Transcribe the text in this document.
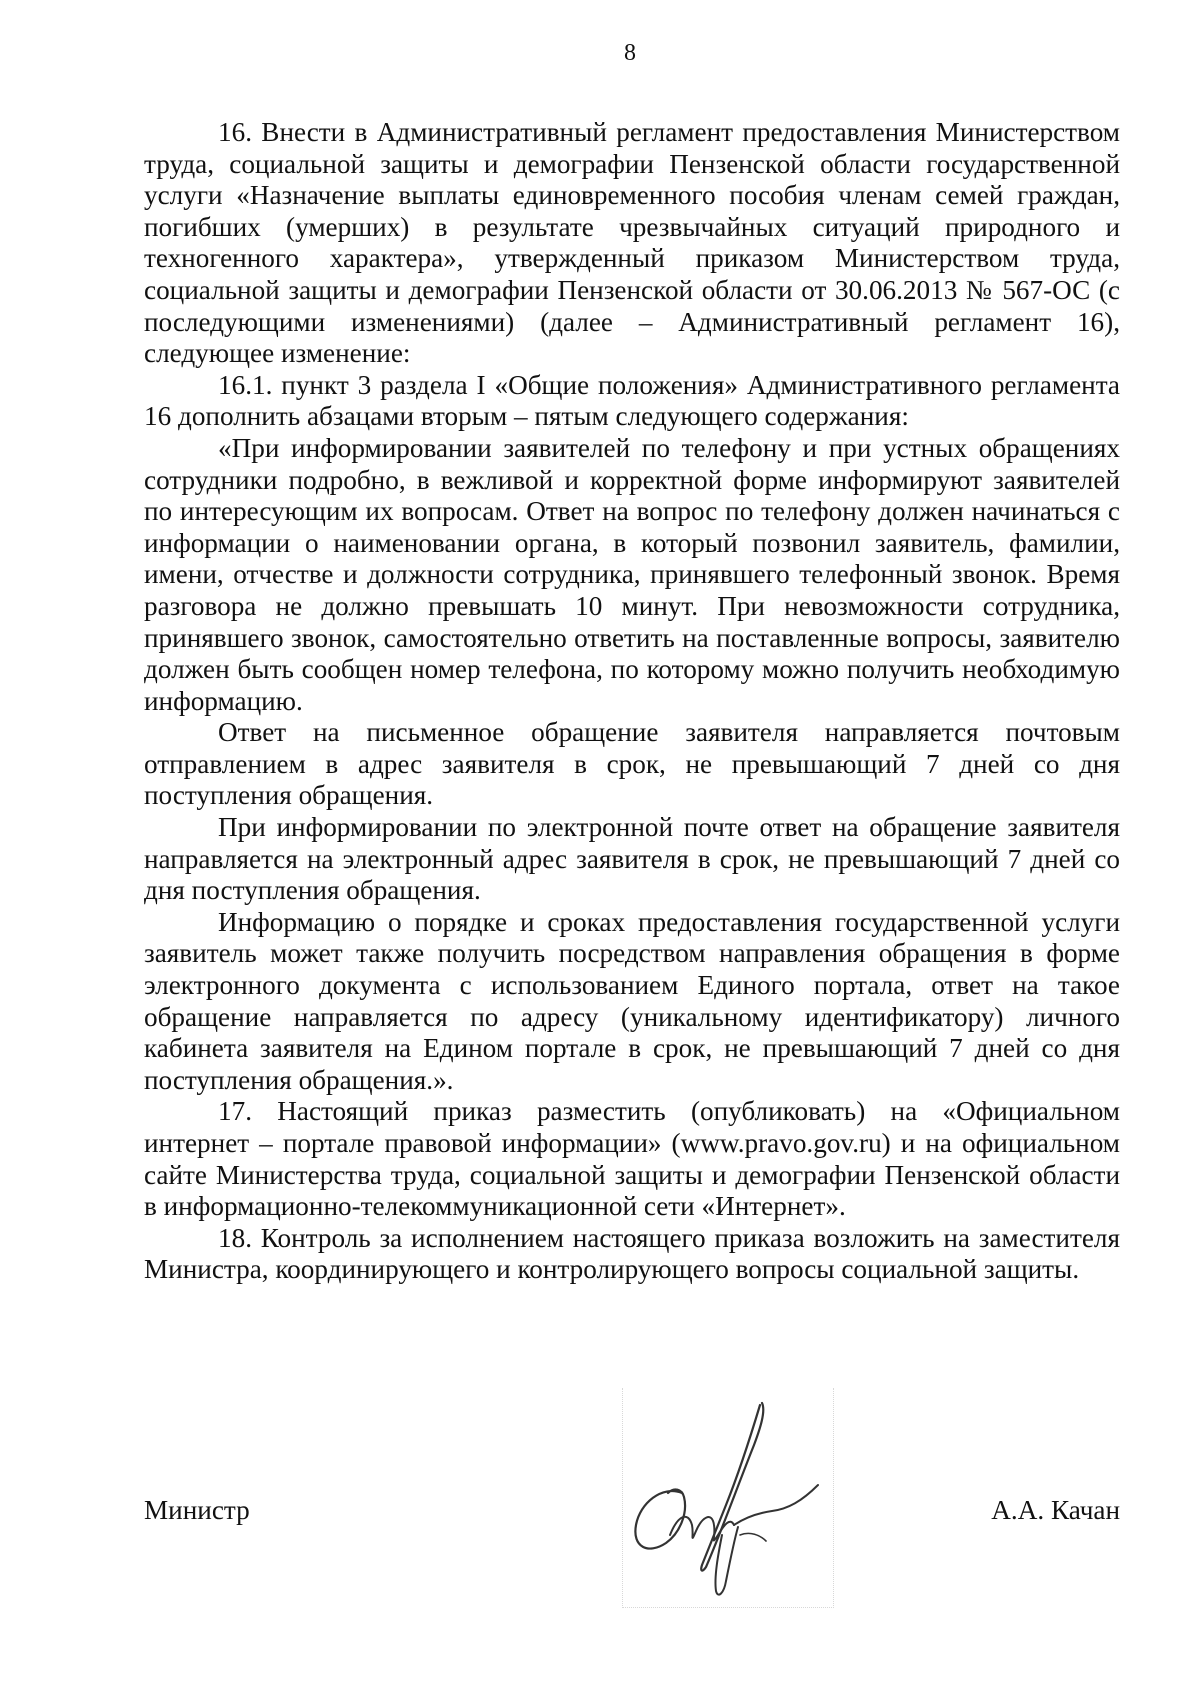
8

16. Внести в Административный регламент предоставления Министерством труда, социальной защиты и демографии Пензенской области государственной услуги «Назначение выплаты единовременного пособия членам семей граждан, погибших (умерших) в результате чрезвычайных ситуаций природного и техногенного характера», утвержденный приказом Министерством труда, социальной защиты и демографии Пензенской области от 30.06.2013 № 567-ОС (с последующими изменениями) (далее – Административный регламент 16), следующее изменение:

16.1. пункт 3 раздела I «Общие положения» Административного регламента 16 дополнить абзацами вторым – пятым следующего содержания:

«При информировании заявителей по телефону и при устных обращениях сотрудники подробно, в вежливой и корректной форме информируют заявителей по интересующим их вопросам. Ответ на вопрос по телефону должен начинаться с информации о наименовании органа, в который позвонил заявитель, фамилии, имени, отчестве и должности сотрудника, принявшего телефонный звонок. Время разговора не должно превышать 10 минут. При невозможности сотрудника, принявшего звонок, самостоятельно ответить на поставленные вопросы, заявителю должен быть сообщен номер телефона, по которому можно получить необходимую информацию.

Ответ на письменное обращение заявителя направляется почтовым отправлением в адрес заявителя в срок, не превышающий 7 дней со дня поступления обращения.

При информировании по электронной почте ответ на обращение заявителя направляется на электронный адрес заявителя в срок, не превышающий 7 дней со дня поступления обращения.

Информацию о порядке и сроках предоставления государственной услуги заявитель может также получить посредством направления обращения в форме электронного документа с использованием Единого портала, ответ на такое обращение направляется по адресу (уникальному идентификатору) личного кабинета заявителя на Едином портале в срок, не превышающий 7 дней со дня поступления обращения.».

17. Настоящий приказ разместить (опубликовать) на «Официальном интернет – портале правовой информации» (www.pravo.gov.ru) и на официальном сайте Министерства труда, социальной защиты и демографии Пензенской области в информационно-телекоммуникационной сети «Интернет».

18. Контроль за исполнением настоящего приказа возложить на заместителя Министра, координирующего и контролирующего вопросы социальной защиты.

Министр	А.А. Качан
